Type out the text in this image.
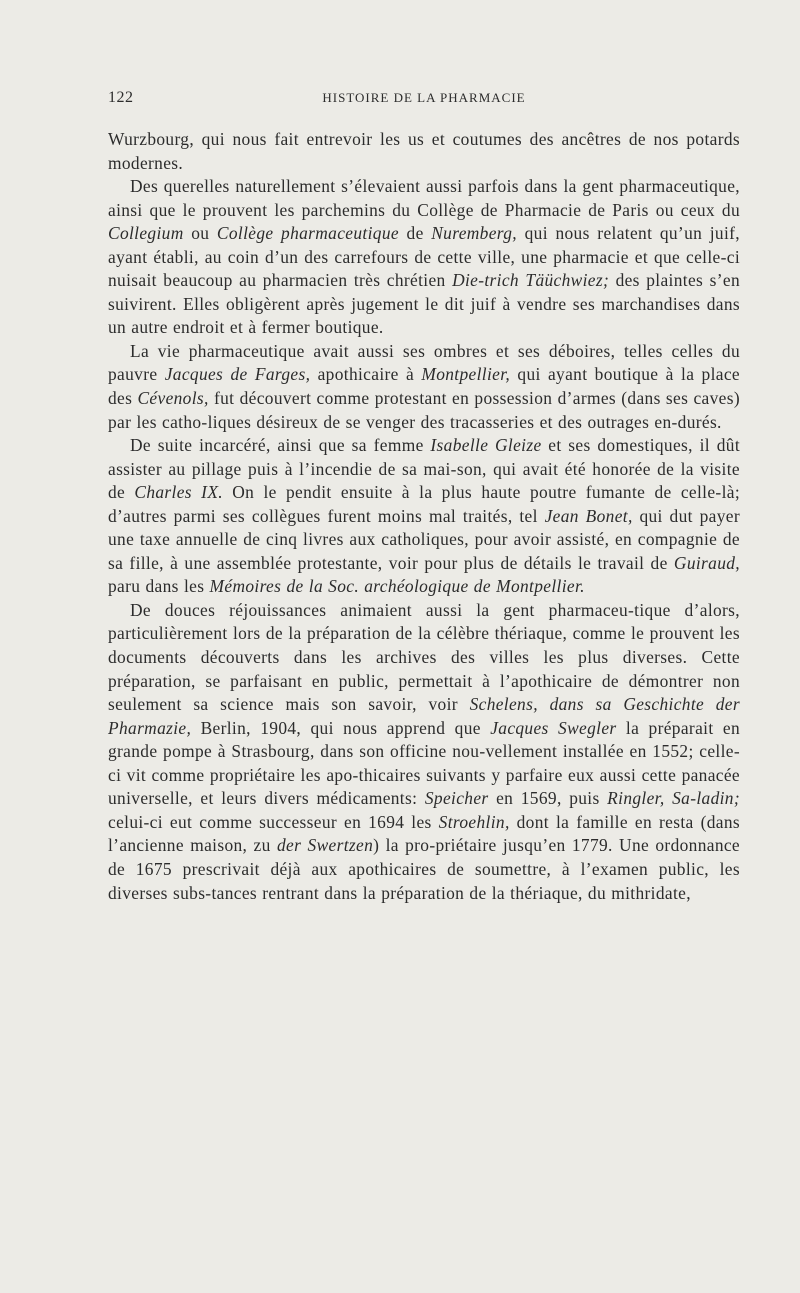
122	HISTOIRE DE LA PHARMACIE

Wurzbourg, qui nous fait entrevoir les us et coutumes des ancêtres de nos potards modernes.

Des querelles naturellement s’élevaient aussi parfois dans la gent pharmaceutique, ainsi que le prouvent les parchemins du Collège de Pharmacie de Paris ou ceux du Collegium ou Collège pharmaceutique de Nuremberg, qui nous relatent qu’un juif, ayant établi, au coin d’un des carrefours de cette ville, une pharmacie et que celle-ci nuisait beaucoup au pharmacien très chrétien Die-trich Täüchwiez; des plaintes s’en suivirent. Elles obligèrent après jugement le dit juif à vendre ses marchandises dans un autre endroit et à fermer boutique.

La vie pharmaceutique avait aussi ses ombres et ses déboires, telles celles du pauvre Jacques de Farges, apothicaire à Montpellier, qui ayant boutique à la place des Cévenols, fut découvert comme protestant en possession d’armes (dans ses caves) par les catho-liques désireux de se venger des tracasseries et des outrages en-durés.

De suite incarcéré, ainsi que sa femme Isabelle Gleize et ses domestiques, il dût assister au pillage puis à l’incendie de sa mai-son, qui avait été honorée de la visite de Charles IX. On le pendit ensuite à la plus haute poutre fumante de celle-là; d’autres parmi ses collègues furent moins mal traités, tel Jean Bonet, qui dut payer une taxe annuelle de cinq livres aux catholiques, pour avoir assisté, en compagnie de sa fille, à une assemblée protestante, voir pour plus de détails le travail de Guiraud, paru dans les Mémoires de la Soc. archéologique de Montpellier.

De douces réjouissances animaient aussi la gent pharmaceu-tique d’alors, particulièrement lors de la préparation de la célèbre thériaque, comme le prouvent les documents découverts dans les archives des villes les plus diverses. Cette préparation, se parfaisant en public, permettait à l’apothicaire de démontrer non seulement sa science mais son savoir, voir Schelens, dans sa Geschichte der Pharmazie, Berlin, 1904, qui nous apprend que Jacques Swegler la préparait en grande pompe à Strasbourg, dans son officine nou-vellement installée en 1552; celle-ci vit comme propriétaire les apo-thicaires suivants y parfaire eux aussi cette panacée universelle, et leurs divers médicaments: Speicher en 1569, puis Ringler, Sa-ladin; celui-ci eut comme successeur en 1694 les Stroehlin, dont la famille en resta (dans l’ancienne maison, zu der Swertzen) la pro-priétaire jusqu’en 1779. Une ordonnance de 1675 prescrivait déjà aux apothicaires de soumettre, à l’examen public, les diverses subs-tances rentrant dans la préparation de la thériaque, du mithridate,
